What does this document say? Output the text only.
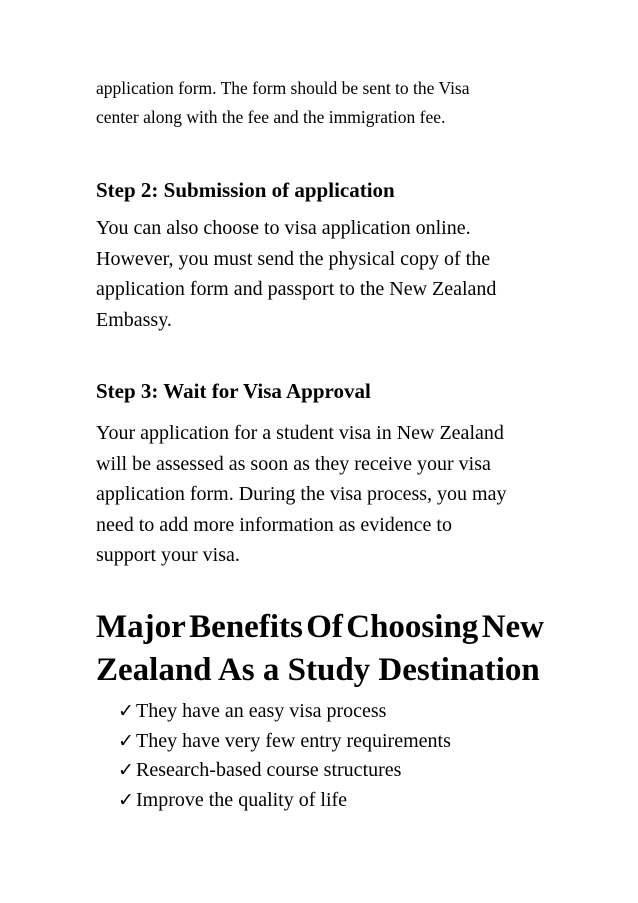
application form. The form should be sent to the Visa
center along with the fee and the immigration fee.
Step 2: Submission of application
You can also choose to visa application online.
However, you must send the physical copy of the
application form and passport to the New Zealand
Embassy.
Step 3: Wait for Visa Approval
Your application for a student visa in New Zealand
will be assessed as soon as they receive your visa
application form. During the visa process, you may
need to add more information as evidence to
support your visa.
Major Benefits Of Choosing New
Zealand As a Study Destination
✓ They have an easy visa process
✓ They have very few entry requirements
✓ Research-based course structures
✓ Improve the quality of life
